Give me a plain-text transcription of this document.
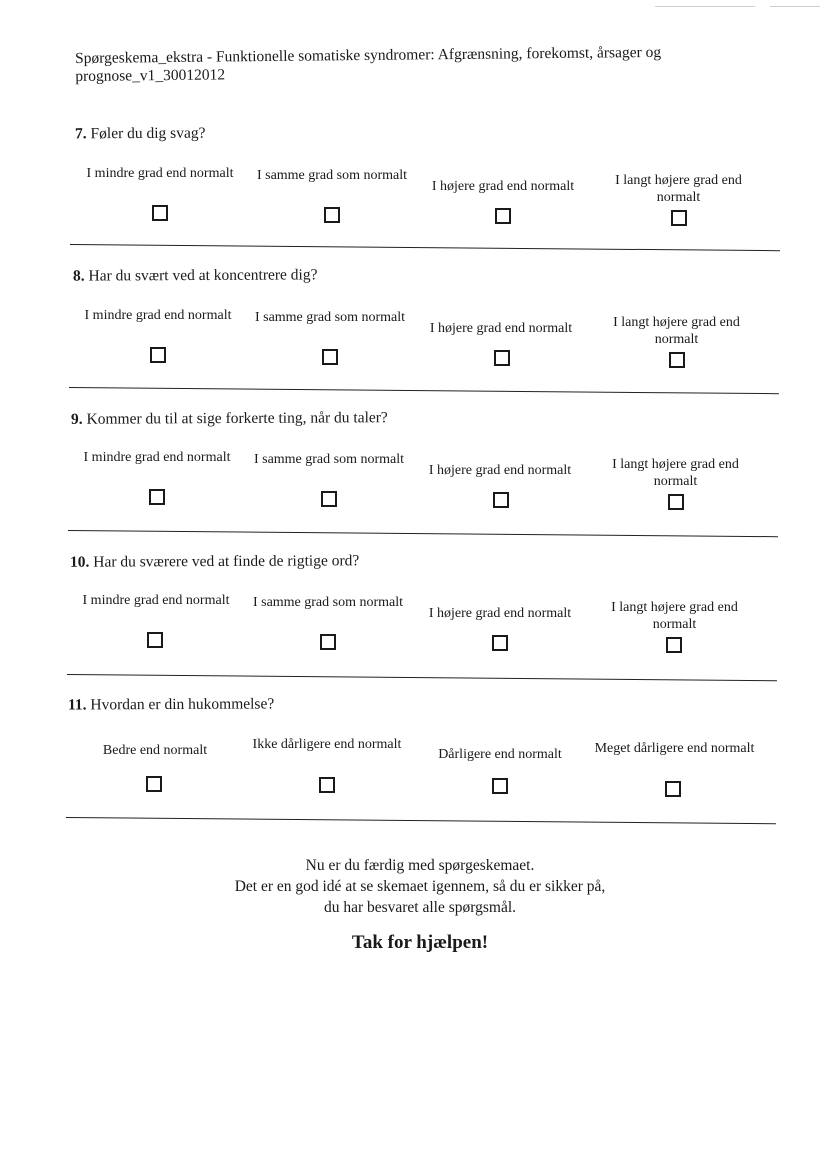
Spørgeskema_ekstra - Funktionelle somatiske syndromer: Afgrænsning, forekomst, årsager og
prognose_v1_30012012
7. Føler du dig svag?
I mindre grad end normalt	I samme grad som normalt
I højere grad end normalt	I langt højere grad end normalt
8. Har du svært ved at koncentrere dig?
I mindre grad end normalt	I samme grad som normalt
I højere grad end normalt	I langt højere grad end normalt
9. Kommer du til at sige forkerte ting, når du taler?
I mindre grad end normalt	I samme grad som normalt
I højere grad end normalt	I langt højere grad end normalt
10. Har du sværere ved at finde de rigtige ord?
I mindre grad end normalt	I samme grad som normalt
I højere grad end normalt	I langt højere grad end normalt
11. Hvordan er din hukommelse?
Bedre end normalt	Ikke dårligere end normalt
Dårligere end normalt	Meget dårligere end normalt
Nu er du færdig med spørgeskemaet.
Det er en god idé at se skemaet igennem, så du er sikker på,
du har besvaret alle spørgsmål.
Tak for hjælpen!
